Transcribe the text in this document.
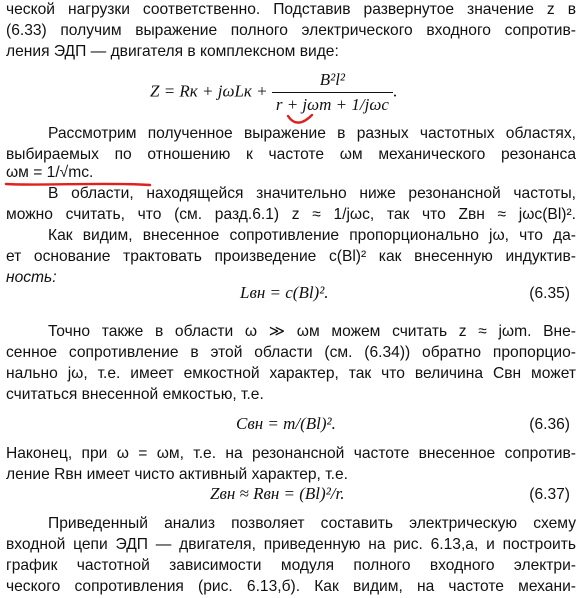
ческой нагрузки соответственно. Подставив развернутое значение z в
(6.33) получим выражение полного электрического входного сопротив-
ления ЭДП — двигателя в комплексном виде:
Z = Rк + $j\omega Lк + \frac{\text{B²l²}}{\text{r + jωm + 1/jωc}}$ .
Рассмотрим полученное выражение в разных частотных областях,
выбираемых по отношению к частоте ωм механического резонанса
ωм = 1/√mc.
В области, находящейся значительно ниже резонансной частоты,
можно считать, что (см. разд.6.1) z ≈ 1/jωc, так что Zвн ≈ jωc(Bl)².
Как видим, внесенное сопротивление пропорционально jω, что да-
ет основание трактовать произведение c(Bl)² как внесенную индуктив-
ность:
Lвн = c(Bl)².	(6.35)
Точно также в области ω ≫ ωм можем считать z ≈ jωm. Вне-
сенное сопротивление в этой области (см. (6.34)) обратно пропорцио-
нально jω, т.е. имеет емкостной характер, так что величина Cвн может
считаться внесенной емкостью, т.е.
Cвн = m/(Bl)².	(6.36)
Наконец, при ω = ωм, т.е. на резонансной частоте внесенное сопротив-
ление Rвн имеет чисто активный характер, т.е.
Zвн ≈ Rвн = (Bl)²/r.	(6.37)
Приведенный анализ позволяет составить электрическую схему
входной цепи ЭДП — двигателя, приведенную на рис. 6.13,а, и построить
график частотной зависимости модуля полного входного электри-
ческого сопротивления (рис. 6.13,б). Как видим, на частоте механи-
